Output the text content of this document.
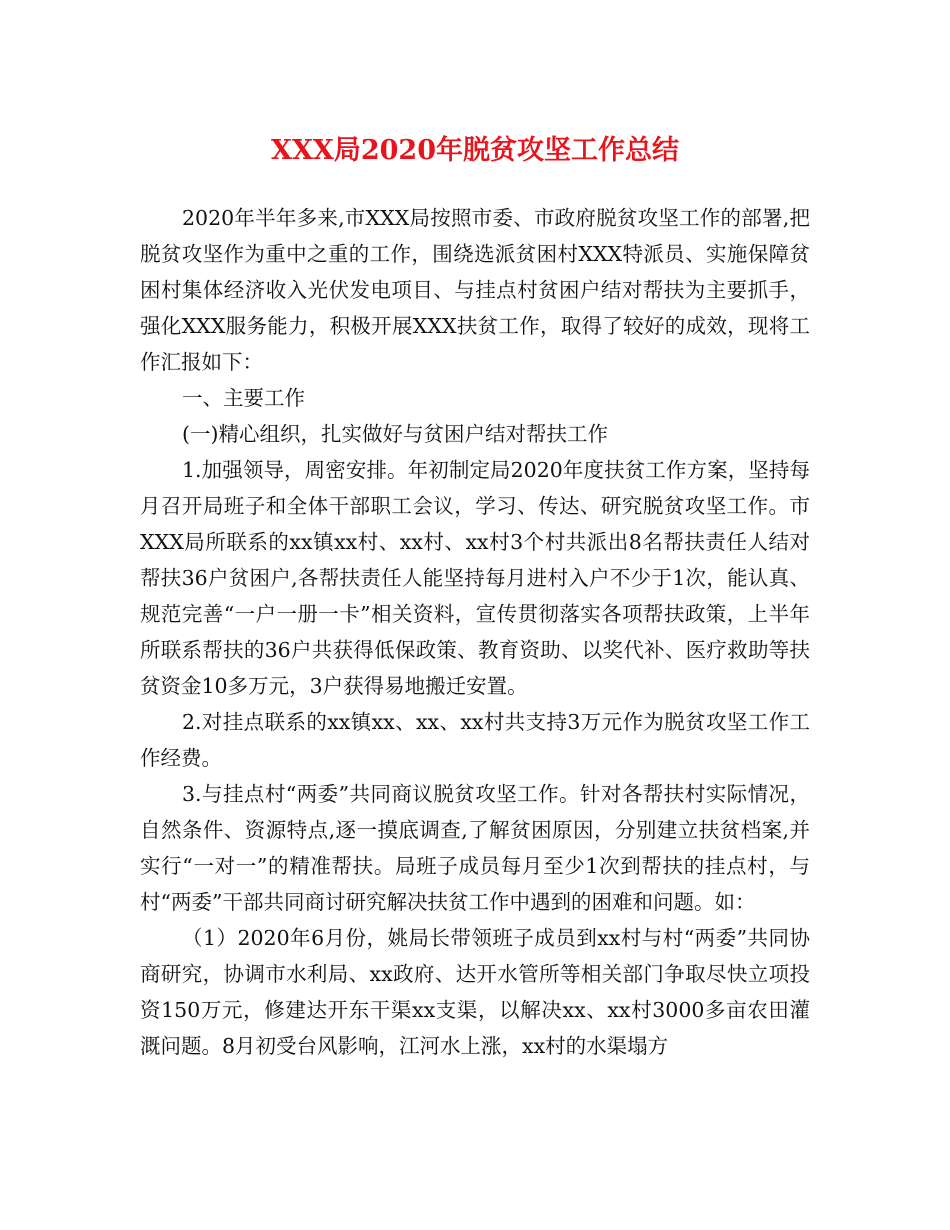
XXX局2020年脱贫攻坚工作总结

2020年半年多来,市XXX局按照市委、市政府脱贫攻坚工作的部署,把脱贫攻坚作为重中之重的工作，围绕选派贫困村XXX特派员、实施保障贫困村集体经济收入光伏发电项目、与挂点村贫困户结对帮扶为主要抓手，强化XXX服务能力，积极开展XXX扶贫工作，取得了较好的成效，现将工作汇报如下：

一、主要工作

(一)精心组织，扎实做好与贫困户结对帮扶工作

1.加强领导，周密安排。年初制定局2020年度扶贫工作方案，坚持每月召开局班子和全体干部职工会议，学习、传达、研究脱贫攻坚工作。市XXX局所联系的xx镇xx村、xx村、xx村3个村共派出8名帮扶责任人结对帮扶36户贫困户,各帮扶责任人能坚持每月进村入户不少于1次，能认真、规范完善“一户一册一卡”相关资料，宣传贯彻落实各项帮扶政策，上半年所联系帮扶的36户共获得低保政策、教育资助、以奖代补、医疗救助等扶贫资金10多万元，3户获得易地搬迁安置。

2.对挂点联系的xx镇xx、xx、xx村共支持3万元作为脱贫攻坚工作工作经费。

3.与挂点村“两委”共同商议脱贫攻坚工作。针对各帮扶村实际情况，自然条件、资源特点,逐一摸底调查,了解贫困原因，分别建立扶贫档案,并实行“一对一”的精准帮扶。局班子成员每月至少1次到帮扶的挂点村，与村“两委”干部共同商讨研究解决扶贫工作中遇到的困难和问题。如：

（1）2020年6月份，姚局长带领班子成员到xx村与村“两委”共同协商研究，协调市水利局、xx政府、达开水管所等相关部门争取尽快立项投资150万元，修建达开东干渠xx支渠，以解决xx、xx村3000多亩农田灌溉问题。8月初受台风影响，江河水上涨，xx村的水渠塌方
